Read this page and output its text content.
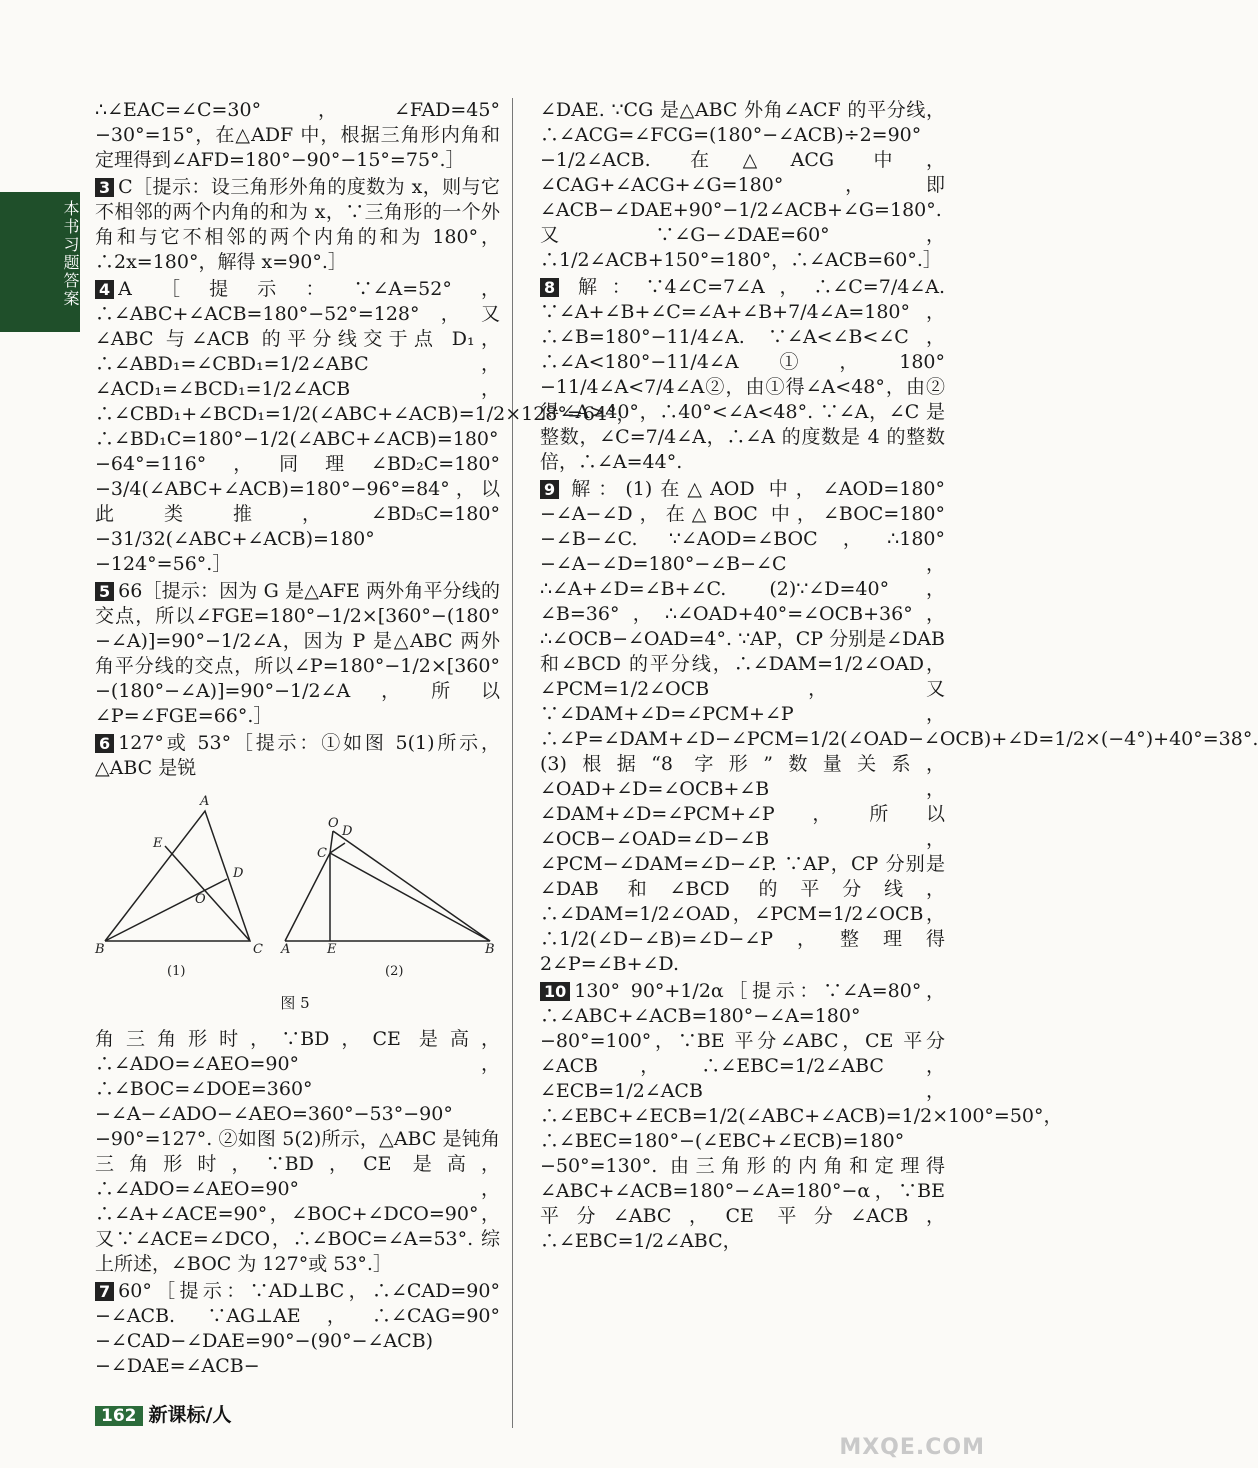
本书习题答案
∴∠EAC=∠C=30°，∠FAD=45°−30°=15°，在△ADF 中，根据三角形内角和定理得到∠AFD=180°−90°−15°=75°.］
3 C［提示：设三角形外角的度数为 x，则与它不相邻的两个内角的和为 x，∵三角形的一个外角和与它不相邻的两个内角的和为 180°，∴2x=180°，解得 x=90°.］
4 A［提示：∵∠A=52°，∴∠ABC+∠ACB=180°−52°=128°，又∠ABC 与∠ACB 的平分线交于点 D₁，∴∠ABD₁=∠CBD₁=1/2∠ABC，∠ACD₁=∠BCD₁=1/2∠ACB，∴∠CBD₁+∠BCD₁=1/2(∠ABC+∠ACB)=1/2×128°=64°，∴∠BD₁C=180°−1/2(∠ABC+∠ACB)=180°−64°=116°，同理∠BD₂C=180°−3/4(∠ABC+∠ACB)=180°−96°=84°，以此类推，∠BD₅C=180°−31/32(∠ABC+∠ACB)=180°−124°=56°.］
5 66［提示：因为 G 是△AFE 两外角平分线的交点，所以∠FGE=180°−1/2×[360°−(180°−∠A)]=90°−1/2∠A，因为 P 是△ABC 两外角平分线的交点，所以∠P=180°−1/2×[360°−(180°−∠A)]=90°−1/2∠A，所以∠P=∠FGE=66°.］
6 127°或 53°［提示：①如图 5(1)所示，△ABC 是锐
A
B	C
D
E
O
O
D
C
A	E	B
(1)	(2)
图 5
角三角形时，∵BD，CE 是高，∴∠ADO=∠AEO=90°，∴∠BOC=∠DOE=360°−∠A−∠ADO−∠AEO=360°−53°−90°−90°=127°. ②如图 5(2)所示，△ABC 是钝角三角形时，∵BD，CE 是高，∴∠ADO=∠AEO=90°，∴∠A+∠ACE=90°，∠BOC+∠DCO=90°，又∵∠ACE=∠DCO，∴∠BOC=∠A=53°. 综上所述，∠BOC 为 127°或 53°.］
7 60°［提示：∵AD⊥BC，∴∠CAD=90°−∠ACB. ∵AG⊥AE，∴∠CAG=90°−∠CAD−∠DAE=90°−(90°−∠ACB)−∠DAE=∠ACB−
∠DAE. ∵CG 是△ABC 外角∠ACF 的平分线，∴∠ACG=∠FCG=(180°−∠ACB)÷2=90°−1/2∠ACB. 在△ACG 中，∠CAG+∠ACG+∠G=180°，即∠ACB−∠DAE+90°−1/2∠ACB+∠G=180°. 又∵∠G−∠DAE=60°，∴1/2∠ACB+150°=180°，∴∠ACB=60°.］
8 解：∵4∠C=7∠A，∴∠C=7/4∠A. ∵∠A+∠B+∠C=∠A+∠B+7/4∠A=180°，∴∠B=180°−11/4∠A. ∵∠A<∠B<∠C，∴∠A<180°−11/4∠A①，180°−11/4∠A<7/4∠A②，由①得∠A<48°，由②得∠A>40°，∴40°<∠A<48°. ∵∠A，∠C 是整数，∠C=7/4∠A，∴∠A 的度数是 4 的整数倍，∴∠A=44°.
9 解：(1)在△AOD 中，∠AOD=180°−∠A−∠D，在△BOC 中，∠BOC=180°−∠B−∠C. ∵∠AOD=∠BOC，∴180°−∠A−∠D=180°−∠B−∠C，∴∠A+∠D=∠B+∠C. (2)∵∠D=40°，∠B=36°，∴∠OAD+40°=∠OCB+36°，∴∠OCB−∠OAD=4°. ∵AP，CP 分别是∠DAB 和∠BCD 的平分线，∴∠DAM=1/2∠OAD，∠PCM=1/2∠OCB，又∵∠DAM+∠D=∠PCM+∠P，∴∠P=∠DAM+∠D−∠PCM=1/2(∠OAD−∠OCB)+∠D=1/2×(−4°)+40°=38°. (3)根据“8 字形”数量关系，∠OAD+∠D=∠OCB+∠B，∠DAM+∠D=∠PCM+∠P，所以∠OCB−∠OAD=∠D−∠B，∠PCM−∠DAM=∠D−∠P. ∵AP，CP 分别是∠DAB 和∠BCD 的平分线，∴∠DAM=1/2∠OAD，∠PCM=1/2∠OCB，∴1/2(∠D−∠B)=∠D−∠P，整理得 2∠P=∠B+∠D.
10 130° 90°+1/2α［提示：∵∠A=80°，∴∠ABC+∠ACB=180°−∠A=180°−80°=100°，∵BE 平分∠ABC，CE 平分∠ACB，∴∠EBC=1/2∠ABC，∠ECB=1/2∠ACB，∴∠EBC+∠ECB=1/2(∠ABC+∠ACB)=1/2×100°=50°，∴∠BEC=180°−(∠EBC+∠ECB)=180°−50°=130°. 由三角形的内角和定理得∠ABC+∠ACB=180°−∠A=180°−α，∵BE 平分∠ABC，CE 平分∠ACB，∴∠EBC=1/2∠ABC，
162 新课标/人
MXQE.COM
